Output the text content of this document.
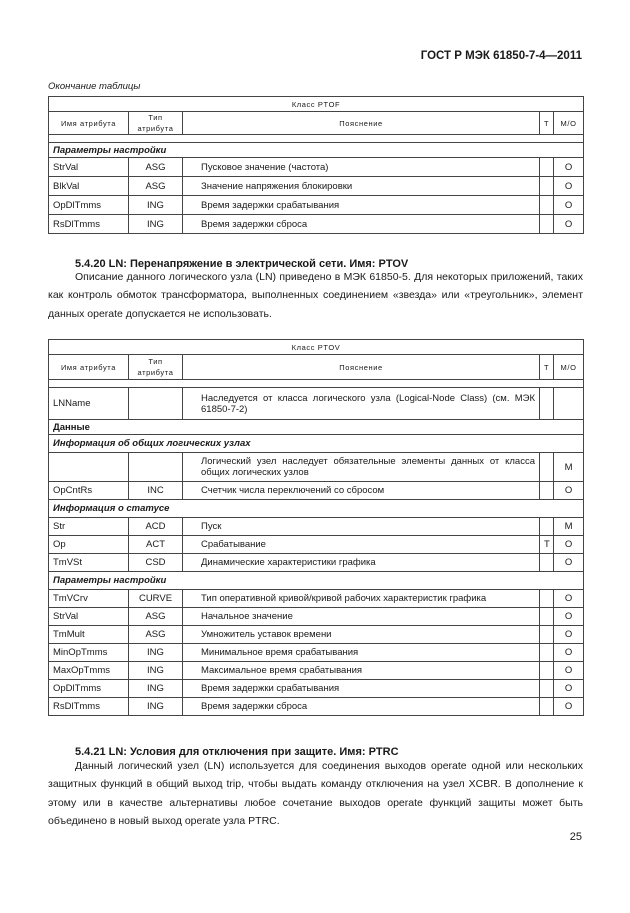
ГОСТ Р МЭК 61850-7-4—2011
Окончание таблицы
Класс PTOF				
Имя атрибута	Тип атрибута	Пояснение	T	M/O

Параметры настройки				
StrVal	ASG	Пусковое значение (частота)		O
BlkVal	ASG	Значение напряжения блокировки		O
OpDlTmms	ING	Время задержки срабатывания		O
RsDlTmms	ING	Время задержки сброса		O
5.4.20 LN: Перенапряжение в электрической сети. Имя: PTOV

Описание данного логического узла (LN) приведено в МЭК 61850-5. Для некоторых приложений, таких как контроль обмоток трансформатора, выполненных соединением «звезда» или «треугольник», элемент данных operate допускается не использовать.

Класс PTOV				
Имя атрибута	Тип атрибута	Пояснение	T	M/O

LNName		Наследуется от класса логического узла (Logical-Node Class) (см. МЭК 61850-7-2)		
Данные				
Информация об общих логических узлах				
		Логический узел наследует обязательные элементы данных от класса общих логических узлов		M
OpCntRs	INC	Счетчик числа переключений со сбросом		O
Информация о статусе				
Str	ACD	Пуск		M
Op	ACT	Срабатывание	T	O
TmVSt	CSD	Динамические характеристики графика		O
Параметры настройки				
TmVCrv	CURVE	Тип оперативной кривой/кривой рабочих характеристик графика		O
StrVal	ASG	Начальное значение		O
TmMult	ASG	Умножитель уставок времени		O
MinOpTmms	ING	Минимальное время срабатывания		O
MaxOpTmms	ING	Максимальное время срабатывания		O
OpDlTmms	ING	Время задержки срабатывания		O
RsDlTmms	ING	Время задержки сброса		O
5.4.21 LN: Условия для отключения при защите. Имя: PTRC

Данный логический узел (LN) используется для соединения выходов operate одной или нескольких защитных функций в общий выход trip, чтобы выдать команду отключения на узел XCBR. В дополнение к этому или в качестве альтернативы любое сочетание выходов operate функций защиты может быть объединено в новый выход operate узла PTRC.

25
